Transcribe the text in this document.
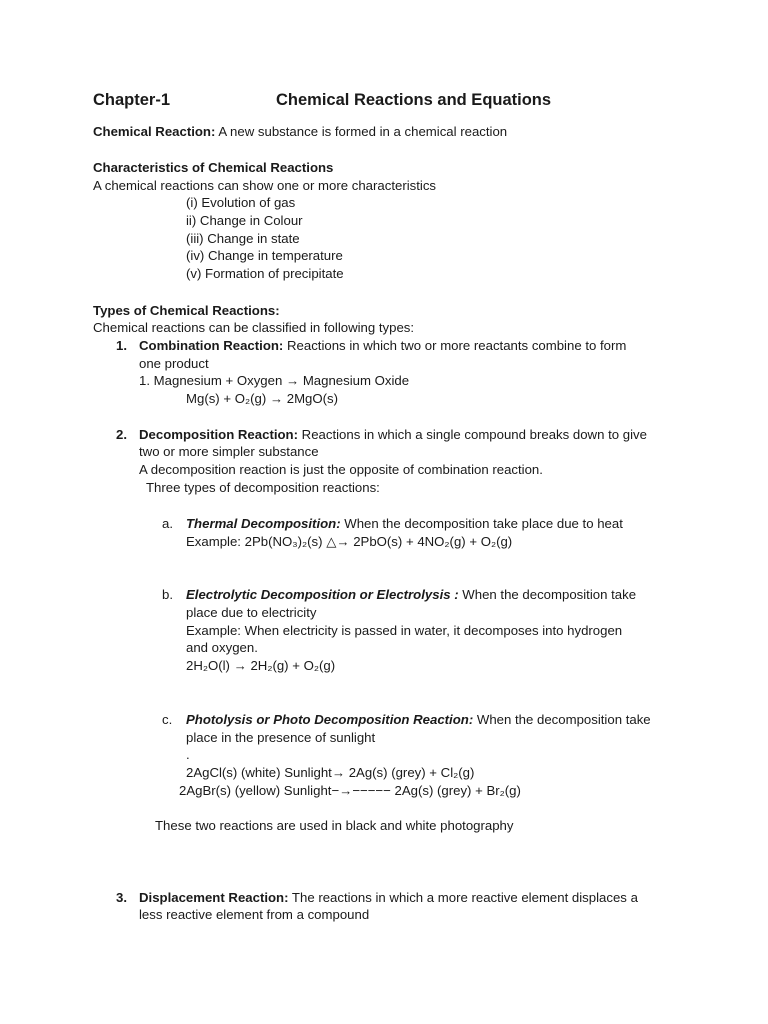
Chapter-1	Chemical Reactions and Equations
Chemical Reaction: A new substance is formed in a chemical reaction
Characteristics of Chemical Reactions
A chemical reactions can show one or more characteristics
(i) Evolution of gas
ii) Change in Colour
(iii) Change in state
(iv) Change in temperature
(v) Formation of precipitate
Types of Chemical Reactions:
Chemical reactions can be classified in following types:
1. Combination Reaction: Reactions in which two or more reactants combine to form
one product
1. Magnesium + Oxygen → Magnesium Oxide
Mg(s) + O₂(g) → 2MgO(s)
2. Decomposition Reaction: Reactions in which a single compound breaks down to give
two or more simpler substance
A decomposition reaction is just the opposite of combination reaction.
Three types of decomposition reactions:
a. Thermal Decomposition: When the decomposition take place due to heat
Example: 2Pb(NO₃)₂(s) △→ 2PbO(s) + 4NO₂(g) + O₂(g)
b. Electrolytic Decomposition or Electrolysis : When the decomposition take
place due to electricity
Example: When electricity is passed in water, it decomposes into hydrogen
and oxygen.
2H₂O(l) → 2H₂(g) + O₂(g)
c. Photolysis or Photo Decomposition Reaction: When the decomposition take
place in the presence of sunlight
.
2AgCl(s) (white) Sunlight→ 2Ag(s) (grey) + Cl₂(g)
2AgBr(s) (yellow) Sunlight−→−−−−− 2Ag(s) (grey) + Br₂(g)
These two reactions are used in black and white photography
3. Displacement Reaction: The reactions in which a more reactive element displaces a
less reactive element from a compound
